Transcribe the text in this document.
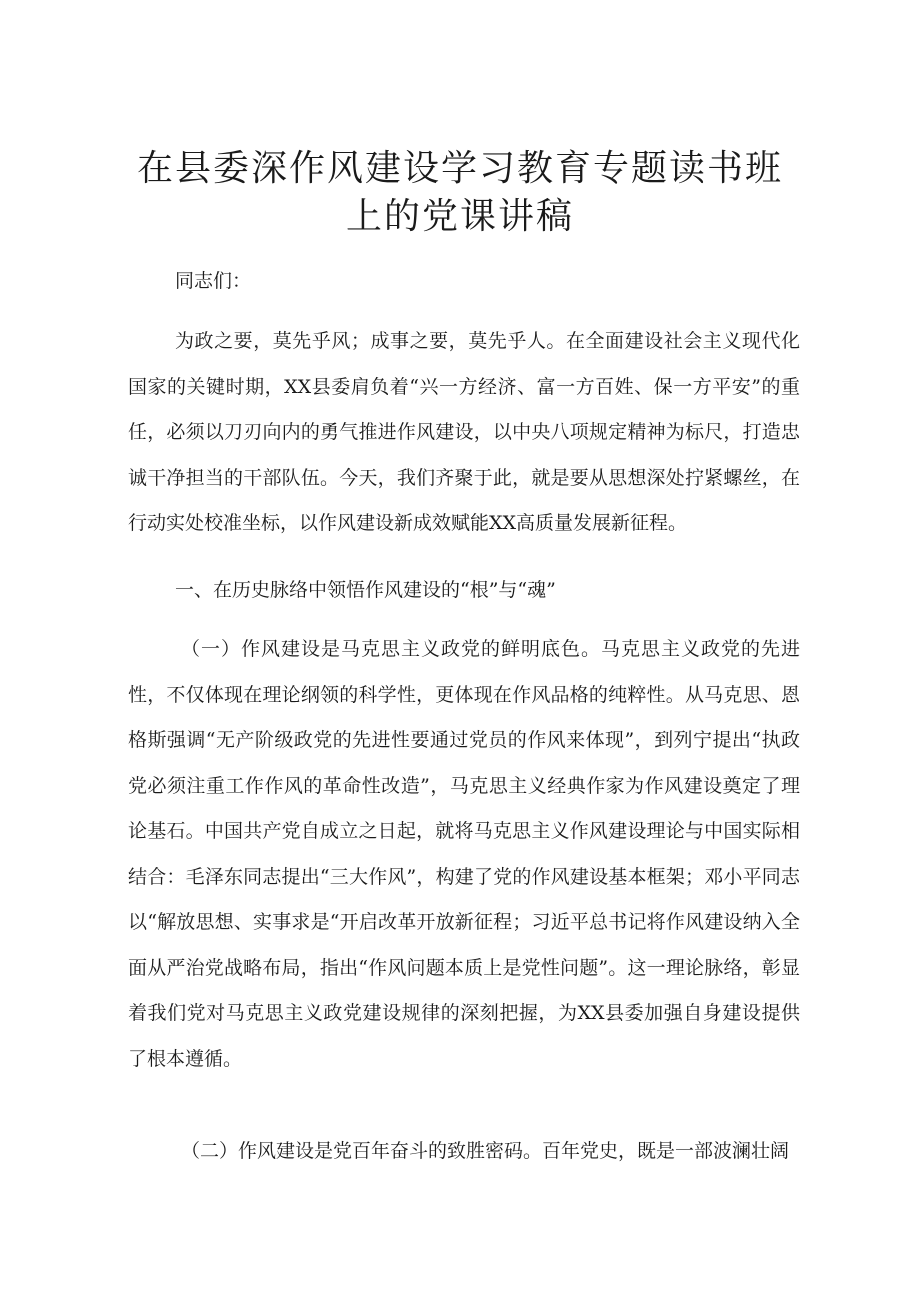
在县委深作风建设学习教育专题读书班
上的党课讲稿

同志们：

为政之要，莫先乎风；成事之要，莫先乎人。在全面建设社会主义现代化国家的关键时期，XX县委肩负着“兴一方经济、富一方百姓、保一方平安”的重任，必须以刀刃向内的勇气推进作风建设，以中央八项规定精神为标尺，打造忠诚干净担当的干部队伍。今天，我们齐聚于此，就是要从思想深处拧紧螺丝，在行动实处校准坐标，以作风建设新成效赋能XX高质量发展新征程。

一、在历史脉络中领悟作风建设的“根”与“魂”

（一）作风建设是马克思主义政党的鲜明底色。马克思主义政党的先进性，不仅体现在理论纲领的科学性，更体现在作风品格的纯粹性。从马克思、恩格斯强调“无产阶级政党的先进性要通过党员的作风来体现”，到列宁提出“执政党必须注重工作作风的革命性改造”，马克思主义经典作家为作风建设奠定了理论基石。中国共产党自成立之日起，就将马克思主义作风建设理论与中国实际相结合：毛泽东同志提出“三大作风”，构建了党的作风建设基本框架；邓小平同志以“解放思想、实事求是“开启改革开放新征程；习近平总书记将作风建设纳入全面从严治党战略布局，指出“作风问题本质上是党性问题”。这一理论脉络，彰显着我们党对马克思主义政党建设规律的深刻把握，为XX县委加强自身建设提供了根本遵循。

（二）作风建设是党百年奋斗的致胜密码。百年党史，既是一部波澜壮阔
